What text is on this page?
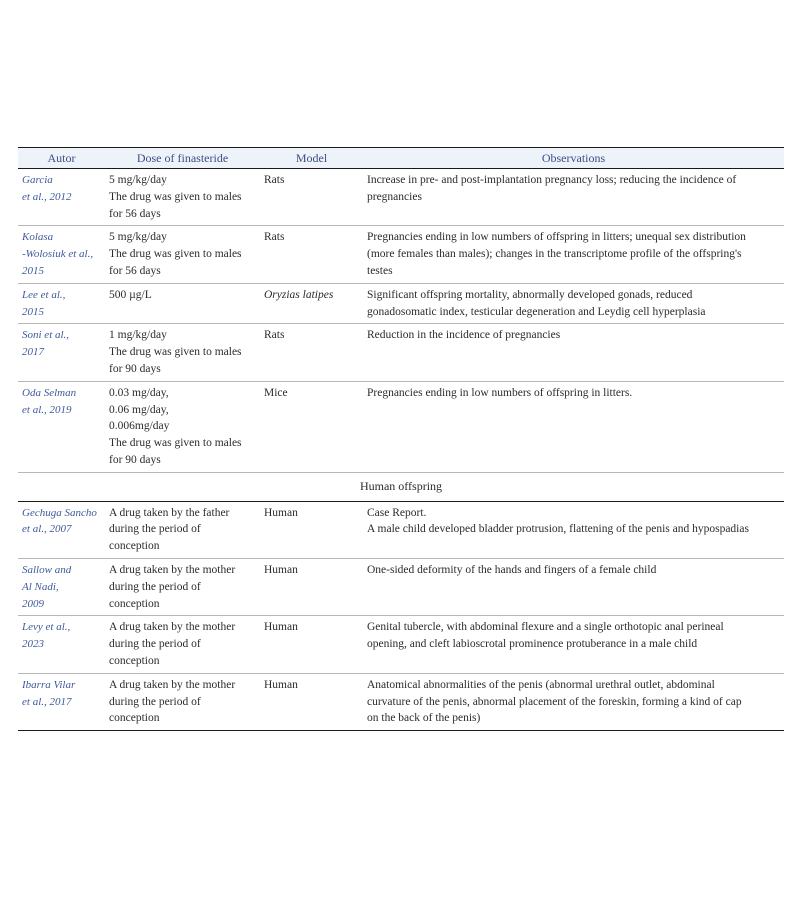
Autor	Dose of finasteride	Model	Observations

Garcia
et al., 2012	5 mg/kg/day
The drug was given to males
for 56 days	Rats	Increase in pre- and post-implantation pregnancy loss; reducing the incidence of
pregnancies

Kolasa
-Wolosiuk et al.,
2015	5 mg/kg/day
The drug was given to males
for 56 days	Rats	Pregnancies ending in low numbers of offspring in litters; unequal sex distribution
(more females than males); changes in the transcriptome profile of the offspring's
testes

Lee et al.,
2015	500 µg/L	Oryzias latipes	Significant offspring mortality, abnormally developed gonads, reduced
gonadosomatic index, testicular degeneration and Leydig cell hyperplasia

Soni et al.,
2017	1 mg/kg/day
The drug was given to males
for 90 days	Rats	Reduction in the incidence of pregnancies

Oda Selman
et al., 2019	0.03 mg/day,
0.06 mg/day,
0.006mg/day
The drug was given to males
for 90 days	Mice	Pregnancies ending in low numbers of offspring in litters.

Human offspring			

Gechuga Sancho
et al., 2007	A drug taken by the father
during the period of
conception	Human	Case Report.
A male child developed bladder protrusion, flattening of the penis and hypospadias

Sallow and
Al Nadi,
2009	A drug taken by the mother
during the period of
conception	Human	One-sided deformity of the hands and fingers of a female child

Levy et al.,
2023	A drug taken by the mother
during the period of
conception	Human	Genital tubercle, with abdominal flexure and a single orthotopic anal perineal
opening, and cleft labioscrotal prominence protuberance in a male child

Ibarra Vilar
et al., 2017	A drug taken by the mother
during the period of
conception	Human	Anatomical abnormalities of the penis (abnormal urethral outlet, abdominal
curvature of the penis, abnormal placement of the foreskin, forming a kind of cap
on the back of the penis)
